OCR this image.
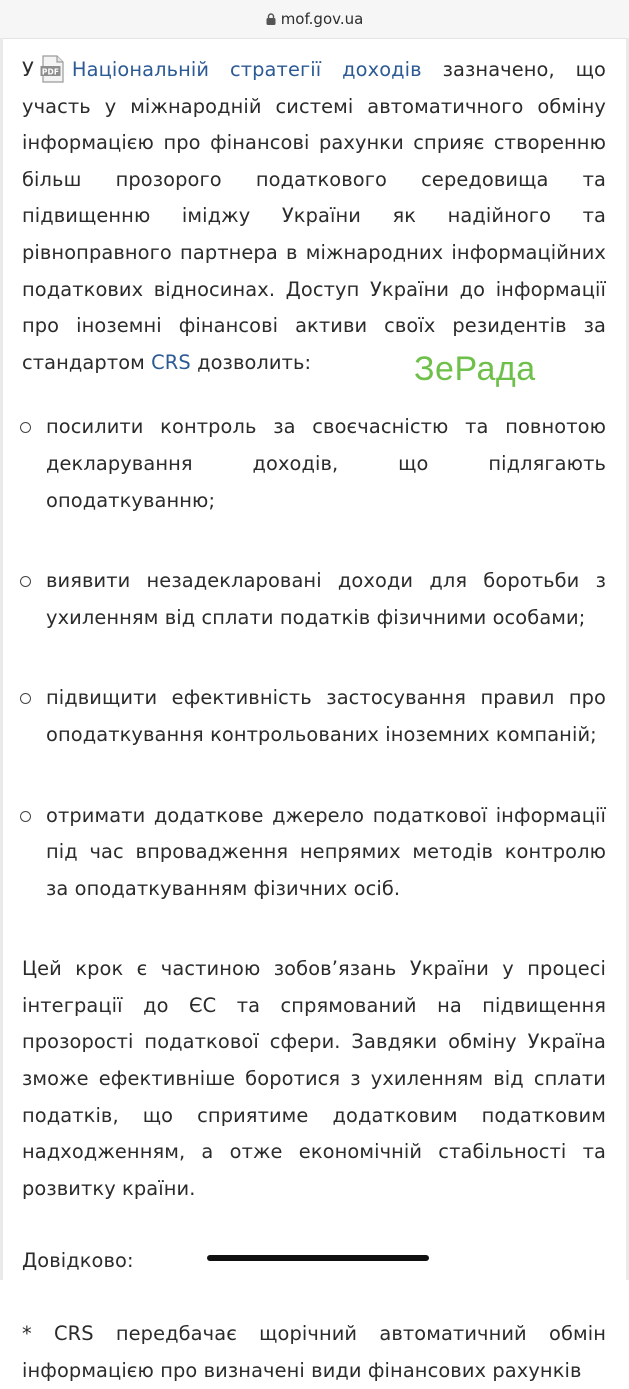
mof.gov.ua

У PDF Національній стратегії доходів зазначено, що участь у міжнародній системі автоматичного обміну інформацією про фінансові рахунки сприяє створенню більш прозорого податкового середовища та підвищенню іміджу України як надійного та рівноправного партнера в міжнародних інформаційних податкових відносинах. Доступ України до інформації про іноземні фінансові активи своїх резидентів за стандартом CRS дозволить:

посилити контроль за своєчасністю та повнотою декларування доходів, що підлягають оподаткуванню;
виявити незадекларовані доходи для боротьби з ухиленням від сплати податків фізичними особами;
підвищити ефективність застосування правил про оподаткування контрольованих іноземних компаній;
отримати додаткове джерело податкової інформації під час впровадження непрямих методів контролю за оподаткуванням фізичних осіб.

Цей крок є частиною зобов’язань України у процесі інтеграції до ЄС та спрямований на підвищення прозорості податкової сфери. Завдяки обміну Україна зможе ефективніше боротися з ухиленням від сплати податків, що сприятиме додатковим податковим надходженням, а отже економічній стабільності та розвитку країни.

Довідково:

* CRS передбачає щорічний автоматичний обмін інформацією про визначені види фінансових рахунків

ЗеРада
